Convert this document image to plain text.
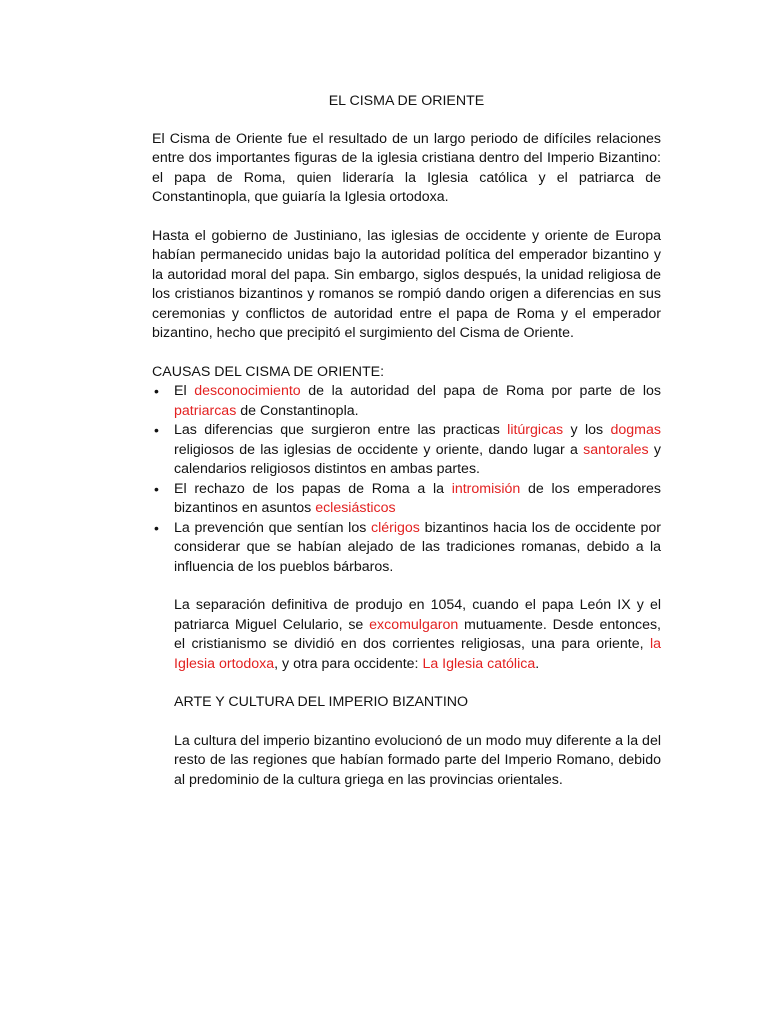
EL CISMA DE ORIENTE

El Cisma de Oriente fue el resultado de un largo periodo de difíciles relaciones entre dos importantes figuras de la iglesia cristiana dentro del Imperio Bizantino: el papa de Roma, quien lideraría la Iglesia católica y el patriarca de Constantinopla, que guiaría la Iglesia ortodoxa.

Hasta el gobierno de Justiniano, las iglesias de occidente y oriente de Europa habían permanecido unidas bajo la autoridad política del emperador bizantino y la autoridad moral del papa. Sin embargo, siglos después, la unidad religiosa de los cristianos bizantinos y romanos se rompió dando origen a diferencias en sus ceremonias y conflictos de autoridad entre el papa de Roma y el emperador bizantino, hecho que precipitó el surgimiento del Cisma de Oriente.

CAUSAS DEL CISMA DE ORIENTE:

•	El desconocimiento de la autoridad del papa de Roma por parte de los patriarcas de Constantinopla.
•	Las diferencias que surgieron entre las practicas litúrgicas y los dogmas religiosos de las iglesias de occidente y oriente, dando lugar a santorales y calendarios religiosos distintos en ambas partes.
•	El rechazo de los papas de Roma a la intromisión de los emperadores bizantinos en asuntos eclesiásticos
•	La prevención que sentían los clérigos bizantinos hacia los de occidente por considerar que se habían alejado de las tradiciones romanas, debido a la influencia de los pueblos bárbaros.

La separación definitiva de produjo en 1054, cuando el papa León IX y el patriarca Miguel Celulario, se excomulgaron mutuamente. Desde entonces, el cristianismo se dividió en dos corrientes religiosas, una para oriente, la Iglesia ortodoxa, y otra para occidente: La Iglesia católica.

ARTE Y CULTURA DEL IMPERIO BIZANTINO

La cultura del imperio bizantino evolucionó de un modo muy diferente a la del resto de las regiones que habían formado parte del Imperio Romano, debido al predominio de la cultura griega en las provincias orientales.
